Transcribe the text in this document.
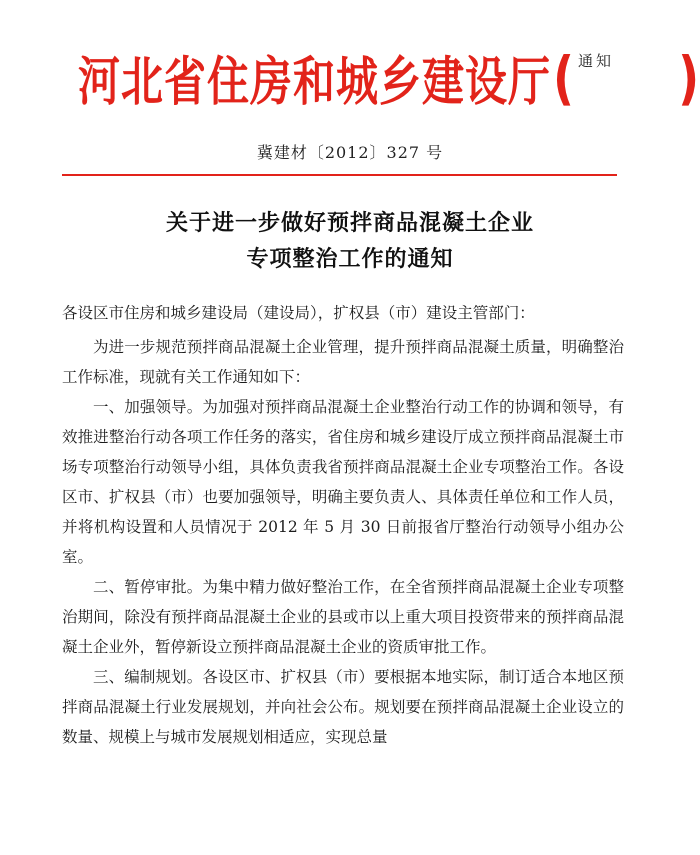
河北省住房和城乡建设厅 ( 通知 )
冀建材〔2012〕327 号
关于进一步做好预拌商品混凝土企业
专项整治工作的通知

各设区市住房和城乡建设局（建设局），扩权县（市）建设主管部门：

为进一步规范预拌商品混凝土企业管理，提升预拌商品混凝土质量，明确整治工作标准，现就有关工作通知如下：

一、加强领导。为加强对预拌商品混凝土企业整治行动工作的协调和领导，有效推进整治行动各项工作任务的落实，省住房和城乡建设厅成立预拌商品混凝土市场专项整治行动领导小组，具体负责我省预拌商品混凝土企业专项整治工作。各设区市、扩权县（市）也要加强领导，明确主要负责人、具体责任单位和工作人员，并将机构设置和人员情况于 2012 年 5 月 30 日前报省厅整治行动领导小组办公室。

二、暂停审批。为集中精力做好整治工作，在全省预拌商品混凝土企业专项整治期间，除没有预拌商品混凝土企业的县或市以上重大项目投资带来的预拌商品混凝土企业外，暂停新设立预拌商品混凝土企业的资质审批工作。

三、编制规划。各设区市、扩权县（市）要根据本地实际，制订适合本地区预拌商品混凝土行业发展规划，并向社会公布。规划要在预拌商品混凝土企业设立的数量、规模上与城市发展规划相适应，实现总量
